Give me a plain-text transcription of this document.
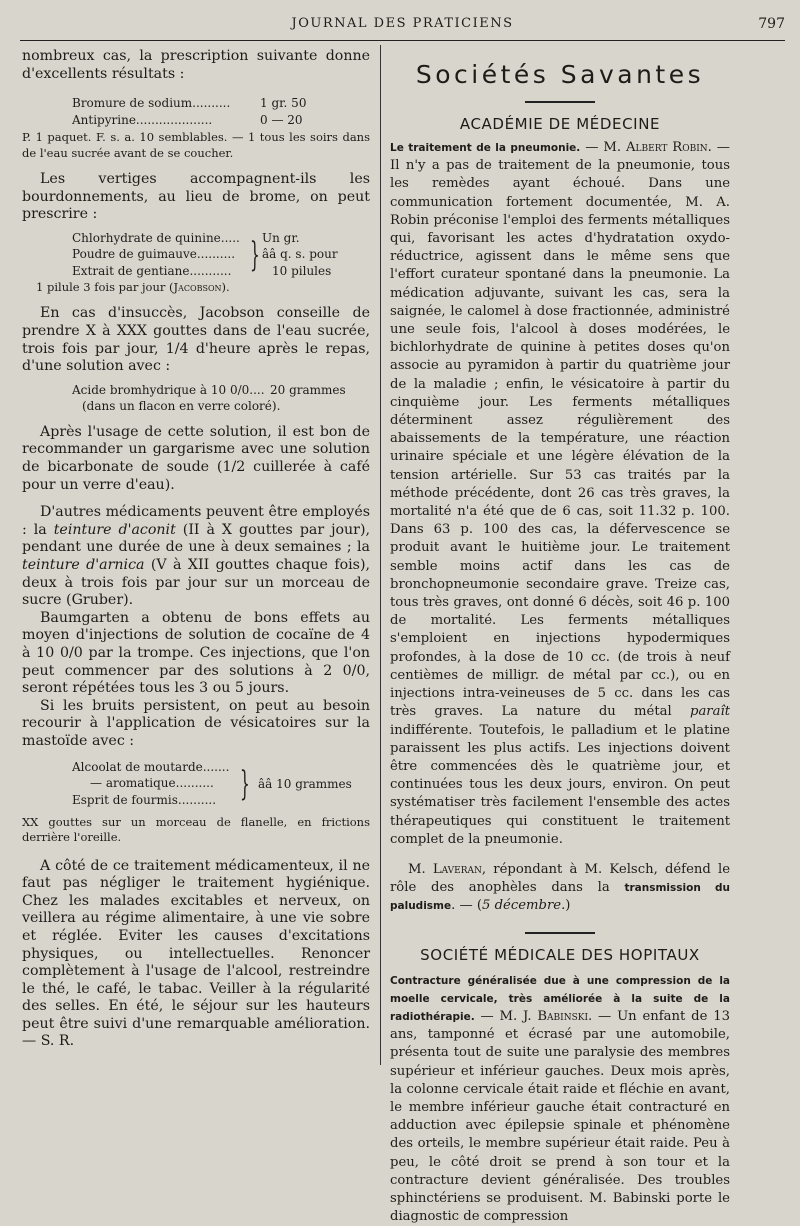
JOURNAL DES PRATICIENS	797

nombreux cas, la prescription suivante donne d'excellents résultats :

Bromure de sodium.......... 1 gr. 50
Antipyrine....................	0 — 20

P. 1 paquet. F. s. a. 10 semblables. — 1 tous les soirs dans de l'eau sucrée avant de se coucher.

Les vertiges accompagnent-ils les bourdonnements, au lieu de brome, on peut prescrire :

Chlorhydrate de quinine..... Un gr.
Poudre de guimauve.......... ââ q. s. pour
Extrait de gentiane...........	10 pilules
}

1 pilule 3 fois par jour (Jacobson).

En cas d'insuccès, Jacobson conseille de prendre X à XXX gouttes dans de l'eau sucrée, trois fois par jour, 1/4 d'heure après le repas, d'une solution avec :

Acide bromhydrique à 10 0/0.... 20 grammes
(dans un flacon en verre coloré).

Après l'usage de cette solution, il est bon de recommander un gargarisme avec une solution de bicarbonate de soude (1/2 cuillerée à café pour un verre d'eau).

D'autres médicaments peuvent être employés : la teinture d'aconit (II à X gouttes par jour), pendant une durée de une à deux semaines ; la teinture d'arnica (V à XII gouttes chaque fois), deux à trois fois par jour sur un morceau de sucre (Gruber).

Baumgarten a obtenu de bons effets au moyen d'injections de solution de cocaïne de 4 à 10 0/0 par la trompe. Ces injections, que l'on peut commencer par des solutions à 2 0/0, seront répétées tous les 3 ou 5 jours.

Si les bruits persistent, on peut au besoin recourir à l'application de vésicatoires sur la mastoïde avec :

Alcoolat de moutarde.......
— aromatique..........
Esprit de fourmis.......... } ââ 10 grammes

XX gouttes sur un morceau de flanelle, en frictions derrière l'oreille.

A côté de ce traitement médicamenteux, il ne faut pas négliger le traitement hygiénique. Chez les malades excitables et nerveux, on veillera au régime alimentaire, à une vie sobre et réglée. Eviter les causes d'excitations physiques, ou intellectuelles. Renoncer complètement à l'usage de l'alcool, restreindre le thé, le café, le tabac. Veiller à la régularité des selles. En été, le séjour sur les hauteurs peut être suivi d'une remarquable amélioration. — S. R.

Sociétés Savantes

ACADÉMIE DE MÉDECINE

Le traitement de la pneumonie. — M. Albert Robin. — Il n'y a pas de traitement de la pneumonie, tous les remèdes ayant échoué. Dans une communication fortement documentée, M. A. Robin préconise l'emploi des ferments métalliques qui, favorisant les actes d'hydratation oxydo-réductrice, agissent dans le même sens que l'effort curateur spontané dans la pneumonie. La médication adjuvante, suivant les cas, sera la saignée, le calomel à dose fractionnée, administré une seule fois, l'alcool à doses modérées, le bichlorhydrate de quinine à petites doses qu'on associe au pyramidon à partir du quatrième jour de la maladie ; enfin, le vésicatoire à partir du cinquième jour. Les ferments métalliques déterminent assez régulièrement des abaissements de la température, une réaction urinaire spéciale et une légère élévation de la tension artérielle. Sur 53 cas traités par la méthode précédente, dont 26 cas très graves, la mortalité n'a été que de 6 cas, soit 11.32 p. 100. Dans 63 p. 100 des cas, la défervescence se produit avant le huitième jour. Le traitement semble moins actif dans les cas de bronchopneumonie secondaire grave. Treize cas, tous très graves, ont donné 6 décès, soit 46 p. 100 de mortalité. Les ferments métalliques s'emploient en injections hypodermiques profondes, à la dose de 10 cc. (de trois à neuf centièmes de milligr. de métal par cc.), ou en injections intra-veineuses de 5 cc. dans les cas très graves. La nature du métal paraît indifférente. Toutefois, le palladium et le platine paraissent les plus actifs. Les injections doivent être commencées dès le quatrième jour, et continuées tous les deux jours, environ. On peut systématiser très facilement l'ensemble des actes thérapeutiques qui constituent le traitement complet de la pneumonie.

M. Laveran, répondant à M. Kelsch, défend le rôle des anophèles dans la transmission du paludisme. — (5 décembre.)

SOCIÉTÉ MÉDICALE DES HOPITAUX

Contracture généralisée due à une compression de la moelle cervicale, très améliorée à la suite de la radiothérapie. — M. J. Babinski. — Un enfant de 13 ans, tamponné et écrasé par une automobile, présenta tout de suite une paralysie des membres supérieur et inférieur gauches. Deux mois après, la colonne cervicale était raide et fléchie en avant, le membre inférieur gauche était contracturé en adduction avec épilepsie spinale et phénomène des orteils, le membre supérieur était raide. Peu à peu, le côté droit se prend à son tour et la contracture devient généralisée. Des troubles sphinctériens se produisent. M. Babinski porte le diagnostic de compression
